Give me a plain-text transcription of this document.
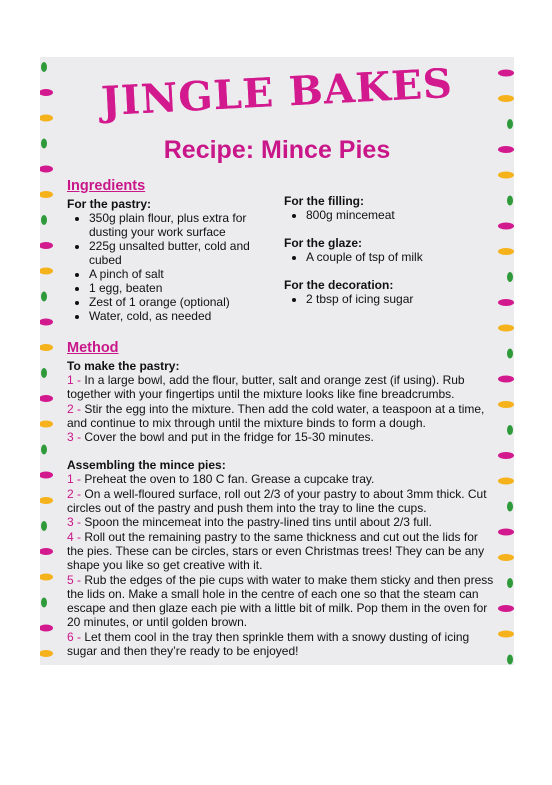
JINGLE BAKES
Recipe: Mince Pies
Ingredients

For the pastry:

• 350g plain flour, plus extra for dusting your work surface
• 225g unsalted butter, cold and cubed
• A pinch of salt
• 1 egg, beaten
• Zest of 1 orange (optional)
• Water, cold, as needed

For the filling:

• 800g mincemeat

For the glaze:

• A couple of tsp of milk

For the decoration:

• 2 tbsp of icing sugar
Method

To make the pastry:

1 - In a large bowl, add the flour, butter, salt and orange zest (if using). Rub together with your fingertips until the mixture looks like fine breadcrumbs.

2 - Stir the egg into the mixture. Then add the cold water, a teaspoon at a time, and continue to mix through until the mixture binds to form a dough.

3 - Cover the bowl and put in the fridge for 15-30 minutes.

Assembling the mince pies:

1 - Preheat the oven to 180 C fan. Grease a cupcake tray.

2 - On a well-floured surface, roll out 2/3 of your pastry to about 3mm thick. Cut circles out of the pastry and push them into the tray to line the cups.

3 - Spoon the mincemeat into the pastry-lined tins until about 2/3 full.

4 - Roll out the remaining pastry to the same thickness and cut out the lids for the pies. These can be circles, stars or even Christmas trees! They can be any shape you like so get creative with it.

5 - Rub the edges of the pie cups with water to make them sticky and then press the lids on. Make a small hole in the centre of each one so that the steam can escape and then glaze each pie with a little bit of milk. Pop them in the oven for 20 minutes, or until golden brown.

6 - Let them cool in the tray then sprinkle them with a snowy dusting of icing sugar and then they’re ready to be enjoyed!
